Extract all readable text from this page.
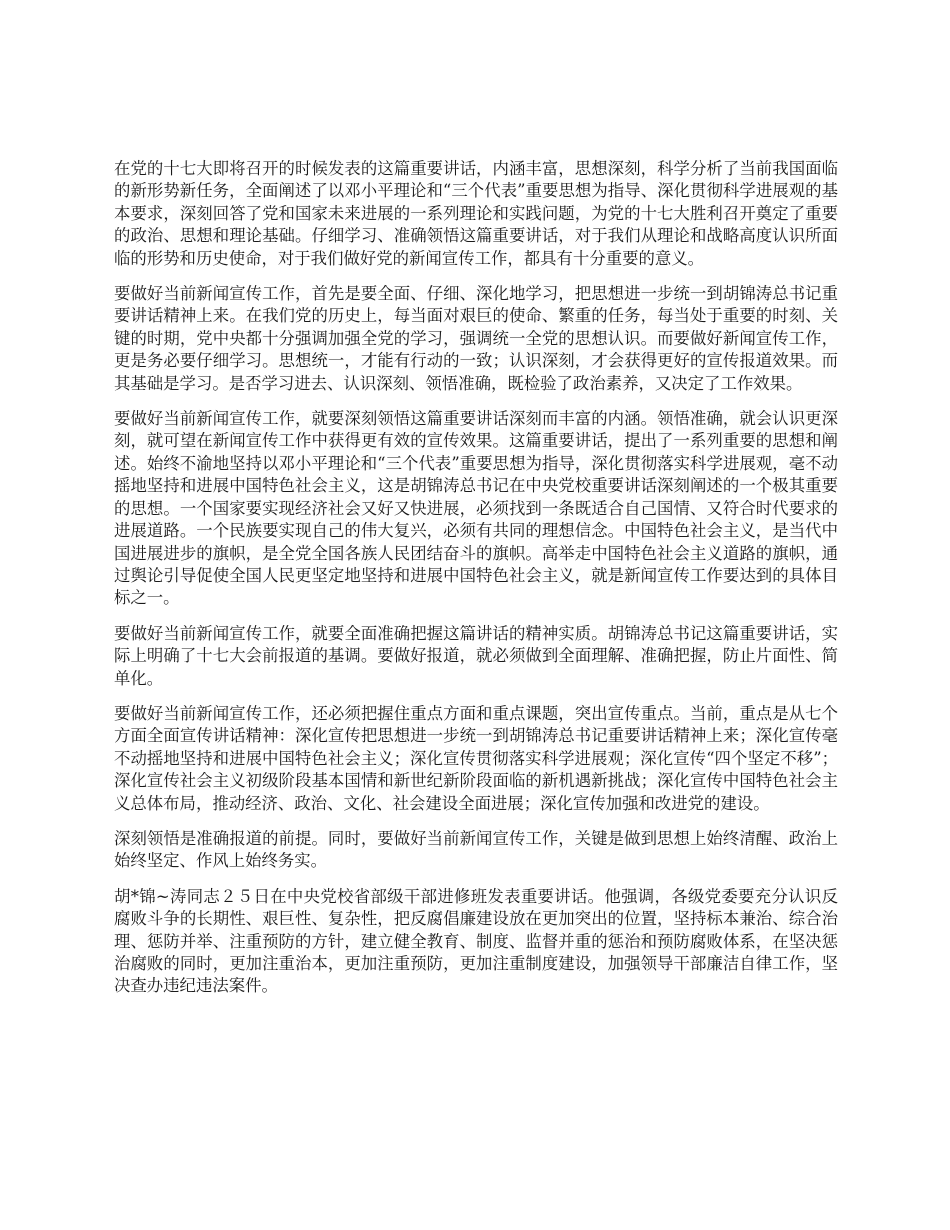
在党的十七大即将召开的时候发表的这篇重要讲话，内涵丰富，思想深刻，科学分析了当前我国面临的新形势新任务，全面阐述了以邓小平理论和“三个代表”重要思想为指导、深化贯彻科学进展观的基本要求，深刻回答了党和国家未来进展的一系列理论和实践问题，为党的十七大胜利召开奠定了重要的政治、思想和理论基础。仔细学习、准确领悟这篇重要讲话，对于我们从理论和战略高度认识所面临的形势和历史使命，对于我们做好党的新闻宣传工作，都具有十分重要的意义。

要做好当前新闻宣传工作，首先是要全面、仔细、深化地学习，把思想进一步统一到胡锦涛总书记重要讲话精神上来。在我们党的历史上，每当面对艰巨的使命、繁重的任务，每当处于重要的时刻、关键的时期，党中央都十分强调加强全党的学习，强调统一全党的思想认识。而要做好新闻宣传工作，更是务必要仔细学习。思想统一，才能有行动的一致；认识深刻，才会获得更好的宣传报道效果。而其基础是学习。是否学习进去、认识深刻、领悟准确，既检验了政治素养，又决定了工作效果。

要做好当前新闻宣传工作，就要深刻领悟这篇重要讲话深刻而丰富的内涵。领悟准确，就会认识更深刻，就可望在新闻宣传工作中获得更有效的宣传效果。这篇重要讲话，提出了一系列重要的思想和阐述。始终不渝地坚持以邓小平理论和“三个代表”重要思想为指导，深化贯彻落实科学进展观，毫不动摇地坚持和进展中国特色社会主义，这是胡锦涛总书记在中央党校重要讲话深刻阐述的一个极其重要的思想。一个国家要实现经济社会又好又快进展，必须找到一条既适合自己国情、又符合时代要求的进展道路。一个民族要实现自己的伟大复兴，必须有共同的理想信念。中国特色社会主义，是当代中国进展进步的旗帜，是全党全国各族人民团结奋斗的旗帜。高举走中国特色社会主义道路的旗帜，通过舆论引导促使全国人民更坚定地坚持和进展中国特色社会主义，就是新闻宣传工作要达到的具体目标之一。

要做好当前新闻宣传工作，就要全面准确把握这篇讲话的精神实质。胡锦涛总书记这篇重要讲话，实际上明确了十七大会前报道的基调。要做好报道，就必须做到全面理解、准确把握，防止片面性、简单化。

要做好当前新闻宣传工作，还必须把握住重点方面和重点课题，突出宣传重点。当前，重点是从七个方面全面宣传讲话精神：深化宣传把思想进一步统一到胡锦涛总书记重要讲话精神上来；深化宣传毫不动摇地坚持和进展中国特色社会主义；深化宣传贯彻落实科学进展观；深化宣传“四个坚定不移”；深化宣传社会主义初级阶段基本国情和新世纪新阶段面临的新机遇新挑战；深化宣传中国特色社会主义总体布局，推动经济、政治、文化、社会建设全面进展；深化宣传加强和改进党的建设。

深刻领悟是准确报道的前提。同时，要做好当前新闻宣传工作，关键是做到思想上始终清醒、政治上始终坚定、作风上始终务实。

胡*锦~涛同志２５日在中央党校省部级干部进修班发表重要讲话。他强调，各级党委要充分认识反腐败斗争的长期性、艰巨性、复杂性，把反腐倡廉建设放在更加突出的位置，坚持标本兼治、综合治理、惩防并举、注重预防的方针，建立健全教育、制度、监督并重的惩治和预防腐败体系，在坚决惩治腐败的同时，更加注重治本，更加注重预防，更加注重制度建设，加强领导干部廉洁自律工作，坚决查办违纪违法案件。
